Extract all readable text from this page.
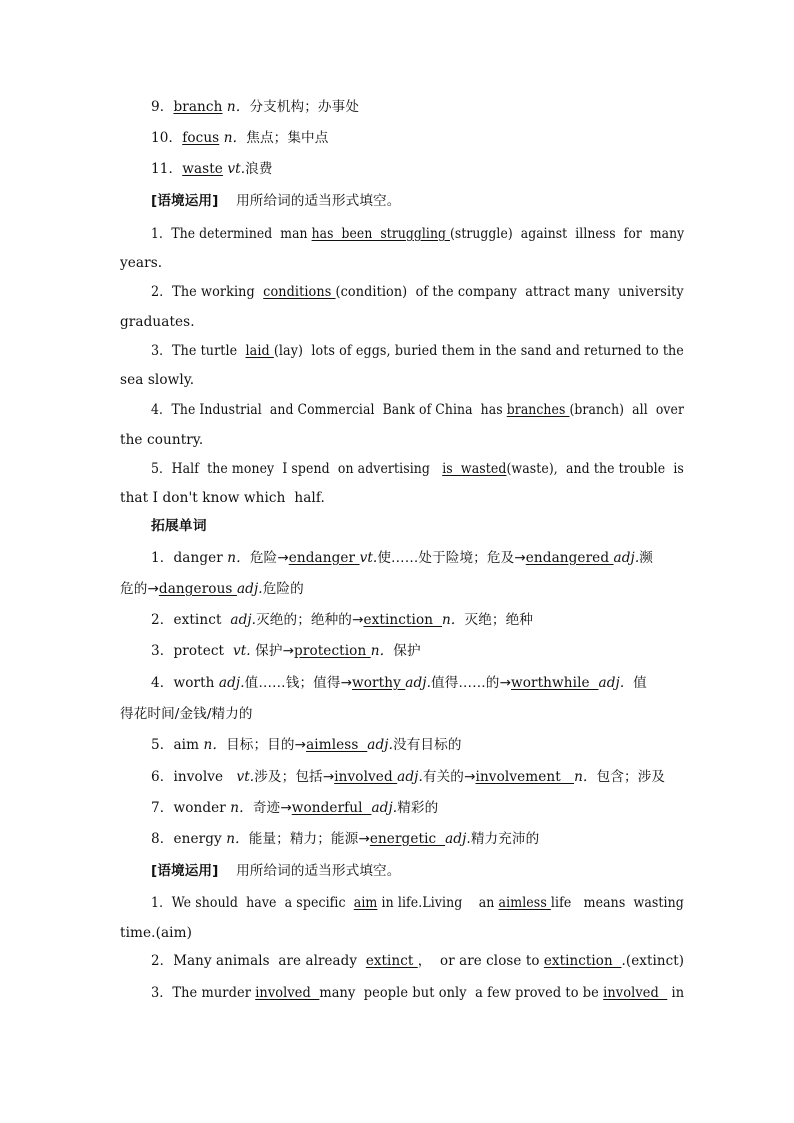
9．branch n．分支机构；办事处
10．focus n．焦点；集中点
11．waste vt.浪费
[语境运用] 用所给词的适当形式填空。
1．The determined  man has  been  struggling (struggle)  against  illness  for  many
years.
2．The working  conditions (condition)  of the company  attract many  university
graduates.
3．The turtle  laid (lay)  lots of eggs, buried them in the sand and returned to the
sea slowly.
4．The Industrial  and Commercial  Bank of China  has branches (branch)  all  over
the country.
5．Half  the money  I spend  on advertising   is  wasted(waste),  and the trouble  is
that I don't know which  half.
拓展单词
1．danger n．危险→endanger vt.使……处于险境；危及→endangered adj.濒
危的→dangerous adj.危险的
2．extinct  adj.灭绝的；绝种的→extinction  n．灭绝；绝种
3．protect  vt. 保护→protection n．保护
4．worth adj.值……钱；值得→worthy adj.值得……的→worthwhile  adj.  值
得花时间/金钱/精力的
5．aim n．目标；目的→aimless  adj.没有目标的
6．involve   vt.涉及；包括→involved adj.有关的→involvement   n．包含；涉及
7．wonder n．奇迹→wonderful  adj.精彩的
8．energy n．能量；精力；能源→energetic  adj.精力充沛的
[语境运用] 用所给词的适当形式填空。
1．We should  have  a specific  aim in life.Living    an aimless life   means  wasting
time.(aim)
2．Many animals  are already  extinct ，  or are close to extinction  .(extinct)
3．The murder involved  many  people but only  a few proved to be involved   in
